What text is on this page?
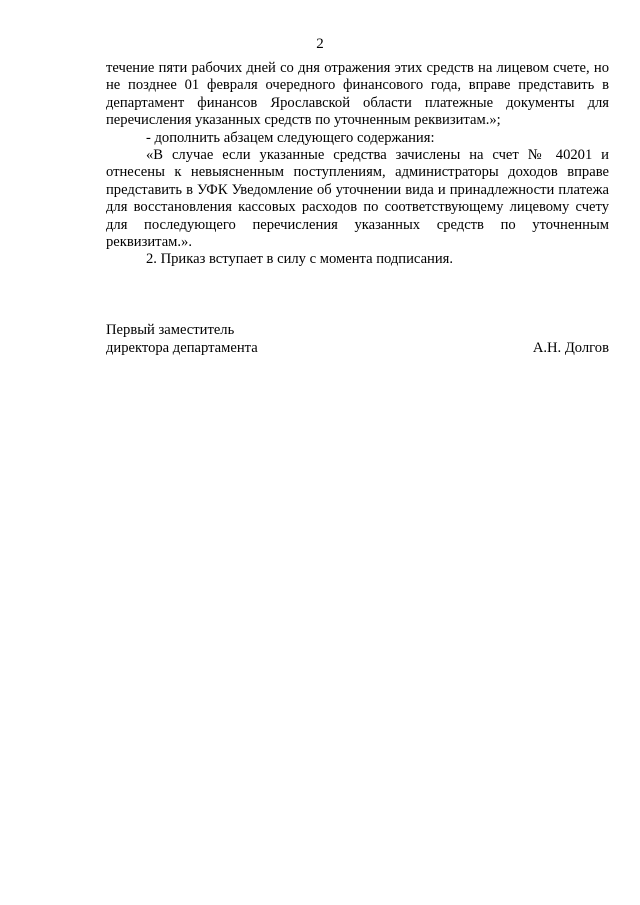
2

течение пяти рабочих дней со дня отражения этих средств на лицевом счете, но не позднее 01 февраля очередного финансового года, вправе представить в департамент финансов Ярославской области платежные документы для перечисления указанных средств по уточненным реквизитам.»;

- дополнить абзацем следующего содержания:

«В случае если указанные средства зачислены на счет № 40201 и отнесены к невыясненным поступлениям, администраторы доходов вправе представить в УФК Уведомление об уточнении вида и принадлежности платежа для восстановления кассовых расходов по соответствующему лицевому счету для последующего перечисления указанных средств по уточненным реквизитам.».

2. Приказ вступает в силу с момента подписания.

Первый заместитель
директора департамента	А.Н. Долгов
